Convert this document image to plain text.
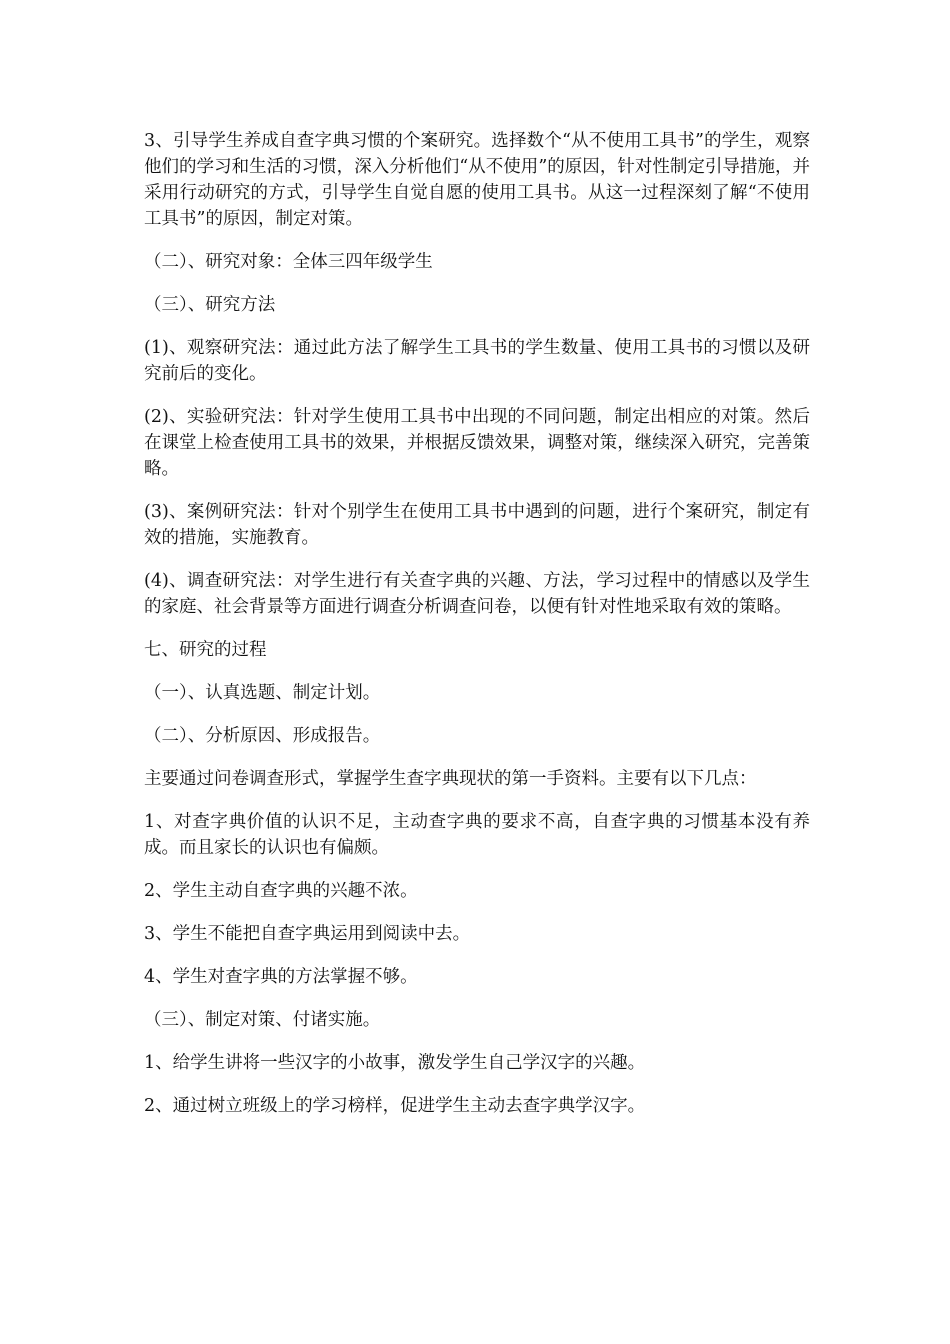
3、引导学生养成自查字典习惯的个案研究。选择数个“从不使用工具书”的学生，观察他们的学习和生活的习惯，深入分析他们“从不使用”的原因，针对性制定引导措施，并采用行动研究的方式，引导学生自觉自愿的使用工具书。从这一过程深刻了解“不使用工具书”的原因，制定对策。

（二）、研究对象：全体三四年级学生

（三）、研究方法

(1)、观察研究法：通过此方法了解学生工具书的学生数量、使用工具书的习惯以及研究前后的变化。

(2)、实验研究法：针对学生使用工具书中出现的不同问题，制定出相应的对策。然后在课堂上检查使用工具书的效果，并根据反馈效果，调整对策，继续深入研究，完善策略。

(3)、案例研究法：针对个别学生在使用工具书中遇到的问题，进行个案研究，制定有效的措施，实施教育。

(4)、调查研究法：对学生进行有关查字典的兴趣、方法，学习过程中的情感以及学生的家庭、社会背景等方面进行调查分析调查问卷，以便有针对性地采取有效的策略。

七、研究的过程

（一）、认真选题、制定计划。

（二）、分析原因、形成报告。

主要通过问卷调查形式，掌握学生查字典现状的第一手资料。主要有以下几点：

1、对查字典价值的认识不足，主动查字典的要求不高，自查字典的习惯基本没有养成。而且家长的认识也有偏颇。

2、学生主动自查字典的兴趣不浓。

3、学生不能把自查字典运用到阅读中去。

4、学生对查字典的方法掌握不够。

（三）、制定对策、付诸实施。

1、给学生讲将一些汉字的小故事，激发学生自己学汉字的兴趣。

2、通过树立班级上的学习榜样，促进学生主动去查字典学汉字。
